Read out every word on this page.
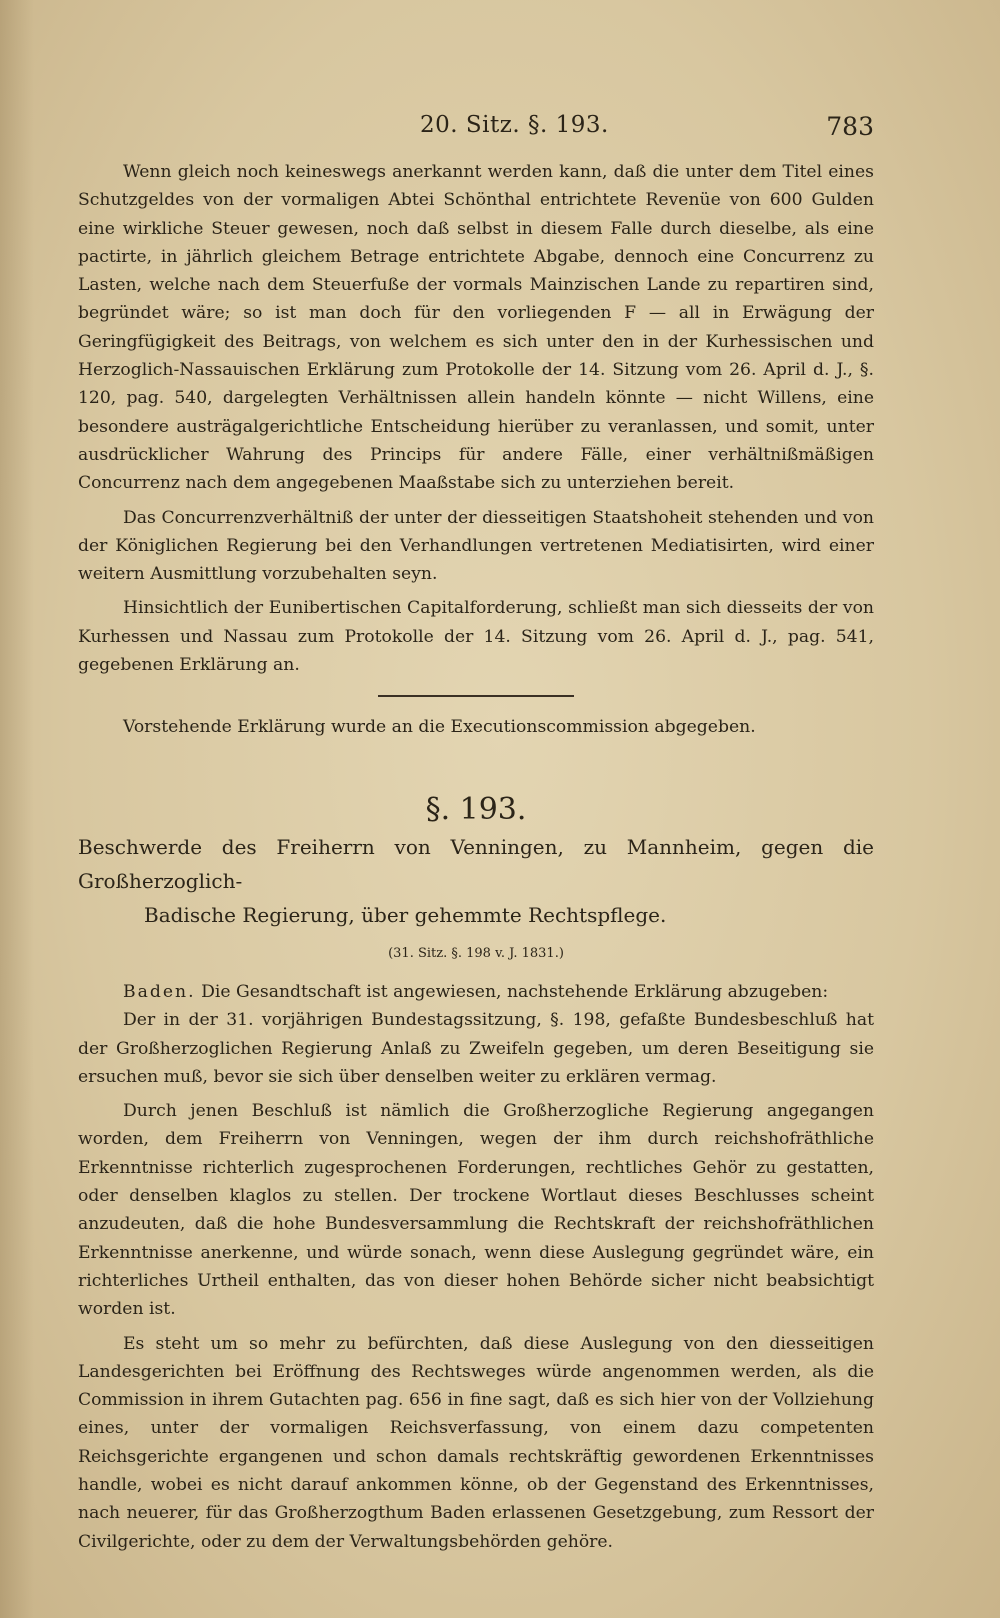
20. Sitz. §. 193.	783

Wenn gleich noch keineswegs anerkannt werden kann, daß die unter dem Titel eines Schutzgeldes von der vormaligen Abtei Schönthal entrichtete Revenüe von 600 Gulden eine wirkliche Steuer gewesen, noch daß selbst in diesem Falle durch dieselbe, als eine pactirte, in jährlich gleichem Betrage entrichtete Abgabe, dennoch eine Concurrenz zu Lasten, welche nach dem Steuerfuße der vormals Mainzischen Lande zu repartiren sind, begründet wäre; so ist man doch für den vorliegenden F — all in Erwägung der Geringfügigkeit des Beitrags, von welchem es sich unter den in der Kurhessischen und Herzoglich-Nassauischen Erklärung zum Protokolle der 14. Sitzung vom 26. April d. J., §. 120, pag. 540, dargelegten Verhältnissen allein handeln könnte — nicht Willens, eine besondere austrägalgerichtliche Entscheidung hierüber zu veranlassen, und somit, unter ausdrücklicher Wahrung des Princips für andere Fälle, einer verhältnißmäßigen Concurrenz nach dem angegebenen Maaßstabe sich zu unterziehen bereit.

Das Concurrenzverhältniß der unter der diesseitigen Staatshoheit stehenden und von der Königlichen Regierung bei den Verhandlungen vertretenen Mediatisirten, wird einer weitern Ausmittlung vorzubehalten seyn.

Hinsichtlich der Eunibertischen Capitalforderung, schließt man sich diesseits der von Kurhessen und Nassau zum Protokolle der 14. Sitzung vom 26. April d. J., pag. 541, gegebenen Erklärung an.

Vorstehende Erklärung wurde an die Executionscommission abgegeben.

§. 193.

Beschwerde des Freiherrn von Venningen, zu Mannheim, gegen die Großherzoglich-
Badische Regierung, über gehemmte Rechtspflege.

(31. Sitz. §. 198 v. J. 1831.)

Baden. Die Gesandtschaft ist angewiesen, nachstehende Erklärung abzugeben:

Der in der 31. vorjährigen Bundestagssitzung, §. 198, gefaßte Bundesbeschluß hat der Großherzoglichen Regierung Anlaß zu Zweifeln gegeben, um deren Beseitigung sie ersuchen muß, bevor sie sich über denselben weiter zu erklären vermag.

Durch jenen Beschluß ist nämlich die Großherzogliche Regierung angegangen worden, dem Freiherrn von Venningen, wegen der ihm durch reichshofräthliche Erkenntnisse richterlich zugesprochenen Forderungen, rechtliches Gehör zu gestatten, oder denselben klaglos zu stellen. Der trockene Wortlaut dieses Beschlusses scheint anzudeuten, daß die hohe Bundesversammlung die Rechtskraft der reichshofräthlichen Erkenntnisse anerkenne, und würde sonach, wenn diese Auslegung gegründet wäre, ein richterliches Urtheil enthalten, das von dieser hohen Behörde sicher nicht beabsichtigt worden ist.

Es steht um so mehr zu befürchten, daß diese Auslegung von den diesseitigen Landesgerichten bei Eröffnung des Rechtsweges würde angenommen werden, als die Commission in ihrem Gutachten pag. 656 in fine sagt, daß es sich hier von der Vollziehung eines, unter der vormaligen Reichsverfassung, von einem dazu competenten Reichsgerichte ergangenen und schon damals rechtskräftig gewordenen Erkenntnisses handle, wobei es nicht darauf ankommen könne, ob der Gegenstand des Erkenntnisses, nach neuerer, für das Großherzogthum Baden erlassenen Gesetzgebung, zum Ressort der Civilgerichte, oder zu dem der Verwaltungsbehörden gehöre.
